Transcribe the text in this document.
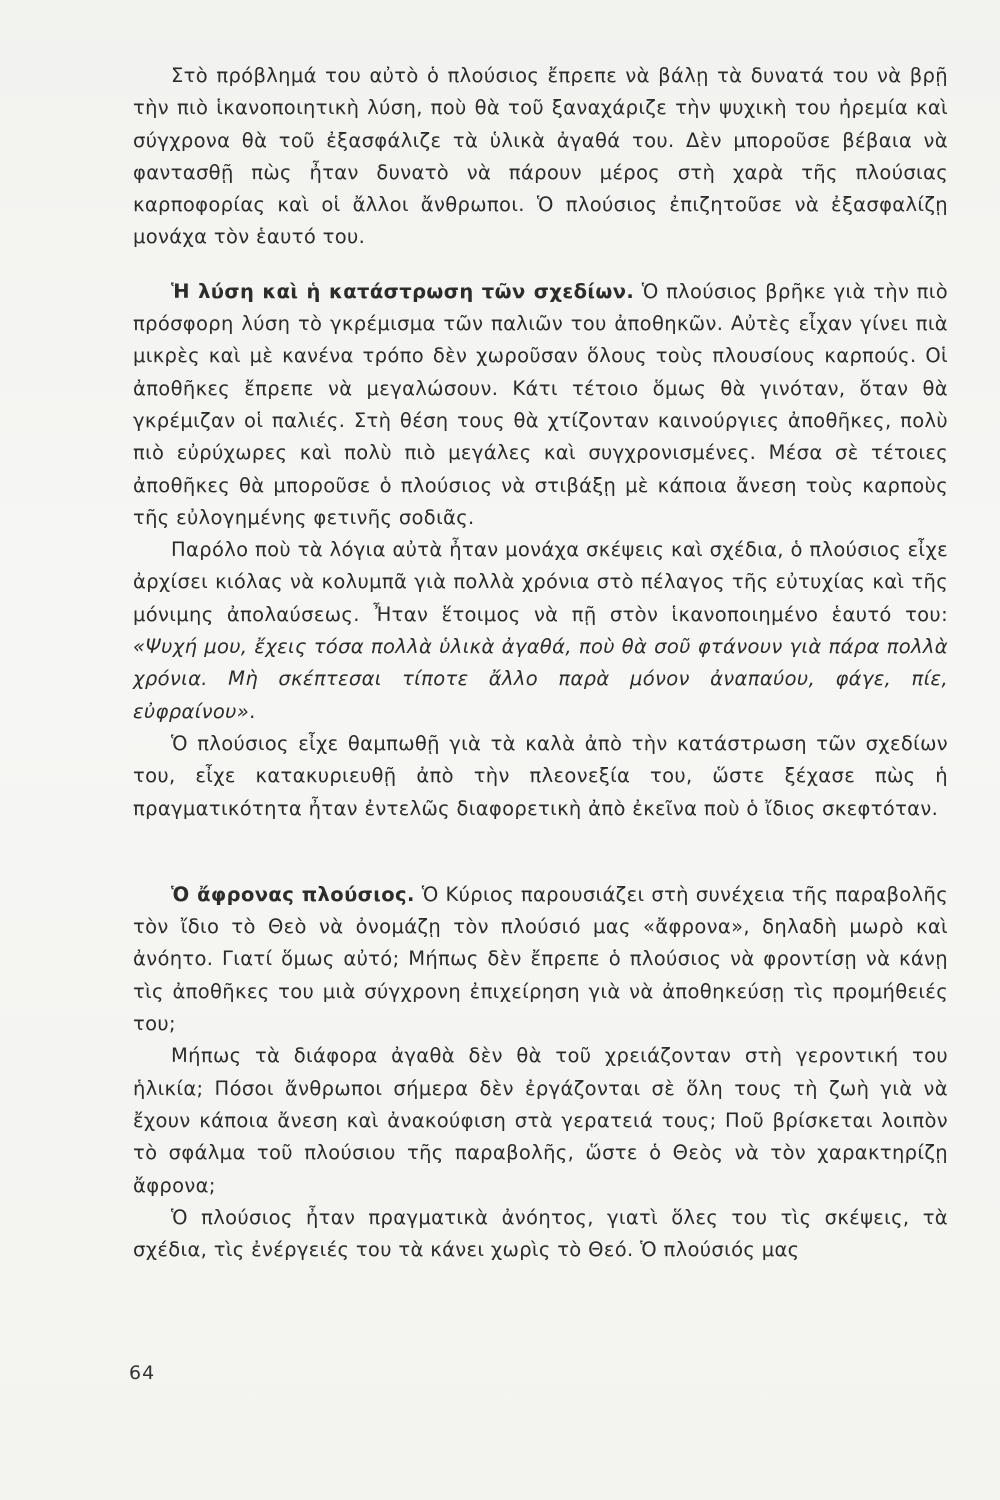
Στὸ πρόβλημά του αὐτὸ ὁ πλούσιος ἔπρεπε νὰ βάλῃ τὰ δυνατά του νὰ βρῇ τὴν πιὸ ἱκανοποιητικὴ λύση, ποὺ θὰ τοῦ ξαναχάριζε τὴν ψυχικὴ του ἠρεμία καὶ σύγχρονα θὰ τοῦ ἐξασφάλιζε τὰ ὑλικὰ ἀγαθά του. Δὲν μποροῦσε βέβαια νὰ φαντασθῇ πὼς ἦταν δυνατὸ νὰ πάρουν μέρος στὴ χαρὰ τῆς πλούσιας καρποφορίας καὶ οἱ ἄλλοι ἄνθρωποι. Ὁ πλούσιος ἐπιζητοῦσε νὰ ἐξασφαλίζῃ μονάχα τὸν ἑαυτό του.

Ἡ λύση καὶ ἡ κατάστρωση τῶν σχεδίων. Ὁ πλούσιος βρῆκε γιὰ τὴν πιὸ πρόσφορη λύση τὸ γκρέμισμα τῶν παλιῶν του ἀποθηκῶν. Αὐτὲς εἶχαν γίνει πιὰ μικρὲς καὶ μὲ κανένα τρόπο δὲν χωροῦσαν ὅλους τοὺς πλουσίους καρπούς. Οἱ ἀποθῆκες ἔπρεπε νὰ μεγαλώσουν. Κάτι τέτοιο ὅμως θὰ γινόταν, ὅταν θὰ γκρέμιζαν οἱ παλιές. Στὴ θέση τους θὰ χτίζονταν καινούργιες ἀποθῆκες, πολὺ πιὸ εὐρύχωρες καὶ πολὺ πιὸ μεγάλες καὶ συγχρονισμένες. Μέσα σὲ τέτοιες ἀποθῆκες θὰ μποροῦσε ὁ πλούσιος νὰ στιβάξῃ μὲ κάποια ἄνεση τοὺς καρποὺς τῆς εὐλογημένης φετινῆς σοδιᾶς.

Παρόλο ποὺ τὰ λόγια αὐτὰ ἦταν μονάχα σκέψεις καὶ σχέδια, ὁ πλούσιος εἶχε ἀρχίσει κιόλας νὰ κολυμπᾶ γιὰ πολλὰ χρόνια στὸ πέλαγος τῆς εὐτυχίας καὶ τῆς μόνιμης ἀπολαύσεως. Ἦταν ἕτοιμος νὰ πῇ στὸν ἱκανοποιημένο ἑαυτό του: «Ψυχή μου, ἔχεις τόσα πολλὰ ὑλικὰ ἀγαθά, ποὺ θὰ σοῦ φτάνουν γιὰ πάρα πολλὰ χρόνια. Μὴ σκέπτεσαι τίποτε ἄλλο παρὰ μόνον ἀναπαύου, φάγε, πίε, εὐφραίνου».

Ὁ πλούσιος εἶχε θαμπωθῇ γιὰ τὰ καλὰ ἀπὸ τὴν κατάστρωση τῶν σχεδίων του, εἶχε κατακυριευθῇ ἀπὸ τὴν πλεονεξία του, ὥστε ξέχασε πὼς ἡ πραγματικότητα ἦταν ἐντελῶς διαφορετικὴ ἀπὸ ἐκεῖνα ποὺ ὁ ἴδιος σκεφτόταν.

Ὁ ἄφρονας πλούσιος. Ὁ Κύριος παρουσιάζει στὴ συνέχεια τῆς παραβολῆς τὸν ἴδιο τὸ Θεὸ νὰ ὀνομάζῃ τὸν πλούσιό μας «ἄφρονα», δηλαδὴ μωρὸ καὶ ἀνόητο. Γιατί ὅμως αὐτό; Μήπως δὲν ἔπρεπε ὁ πλούσιος νὰ φροντίσῃ νὰ κάνῃ τὶς ἀποθῆκες του μιὰ σύγχρονη ἐπιχείρηση γιὰ νὰ ἀποθηκεύσῃ τὶς προμήθειές του;

Μήπως τὰ διάφορα ἀγαθὰ δὲν θὰ τοῦ χρειάζονταν στὴ γεροντική του ἡλικία; Πόσοι ἄνθρωποι σήμερα δὲν ἐργάζονται σὲ ὅλη τους τὴ ζωὴ γιὰ νὰ ἔχουν κάποια ἄνεση καὶ ἀνακούφιση στὰ γερατειά τους; Ποῦ βρίσκεται λοιπὸν τὸ σφάλμα τοῦ πλούσιου τῆς παραβολῆς, ὥστε ὁ Θεὸς νὰ τὸν χαρακτηρίζῃ ἄφρονα;

Ὁ πλούσιος ἦταν πραγματικὰ ἀνόητος, γιατὶ ὅλες του τὶς σκέψεις, τὰ σχέδια, τὶς ἐνέργειές του τὰ κάνει χωρὶς τὸ Θεό. Ὁ πλούσιός μας

64
